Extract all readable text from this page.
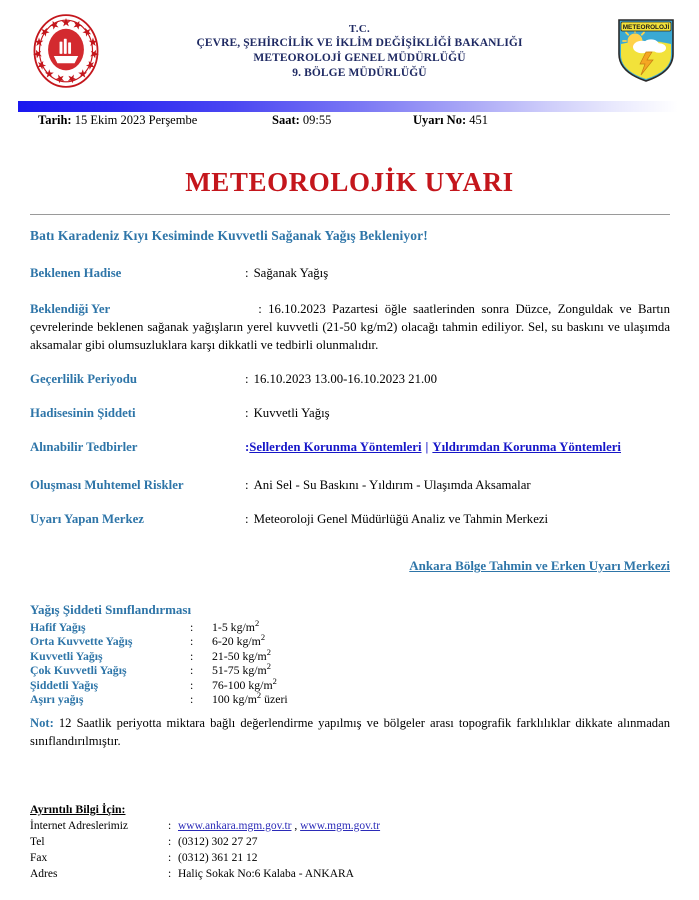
T.C.
ÇEVRE, ŞEHİRCİLİK VE İKLİM DEĞİŞİKLİĞİ BAKANLIĞI
METEOROLOJİ GENEL MÜDÜRLÜĞÜ
9. BÖLGE MÜDÜRLÜĞÜ
METEOROLOJİ
Tarih: 15 Ekim 2023 Perşembe	Saat: 09:55	Uyarı No: 451
METEOROLOJİK UYARI

Batı Karadeniz Kıyı Kesiminde Kuvvetli Sağanak Yağış Bekleniyor!

Beklenen Hadise	: Sağanak Yağış
Beklendiği Yer	: 16.10.2023 Pazartesi öğle saatlerinden sonra Düzce, Zonguldak ve Bartın çevrelerinde beklenen sağanak yağışların yerel kuvvetli (21-50 kg/m2) olacağı tahmin ediliyor. Sel, su baskını ve ulaşımda aksamalar gibi olumsuzluklara karşı dikkatli ve tedbirli olunmalıdır.
Geçerlilik Periyodu	: 16.10.2023 13.00-16.10.2023 21.00
Hadisesinin Şiddeti	: Kuvvetli Yağış
Alınabilir Tedbirler	:Sellerden Korunma Yöntemleri | Yıldırımdan Korunma Yöntemleri
Oluşması Muhtemel Riskler	: Ani Sel - Su Baskını - Yıldırım - Ulaşımda Aksamalar
Uyarı Yapan Merkez	: Meteoroloji Genel Müdürlüğü Analiz ve Tahmin Merkezi
Ankara Bölge Tahmin ve Erken Uyarı Merkezi
Yağış Şiddeti Sınıflandırması
Hafif Yağış	:	1-5 $kg/m^2$
Orta Kuvvette Yağış	:	6-20 $kg/m^2$
Kuvvetli Yağış	:	21-50 $kg/m^2$
Çok Kuvvetli Yağış	:	51-75 $kg/m^2$
Şiddetli Yağış	:	76-100 $kg/m^2$
Aşırı yağış	:	100 $kg/m^2$ üzeri
Not: 12 Saatlik periyotta miktara bağlı değerlendirme yapılmış ve bölgeler arası topografik farklılıklar dikkate alınmadan sınıflandırılmıştır.
Ayrıntılı Bilgi İçin:
İnternet Adreslerimiz	:	www.ankara.mgm.gov.tr , www.mgm.gov.tr
Tel	:	(0312) 302 27 27
Fax	:	(0312) 361 21 12
Adres	:	Haliç Sokak No:6 Kalaba - ANKARA
